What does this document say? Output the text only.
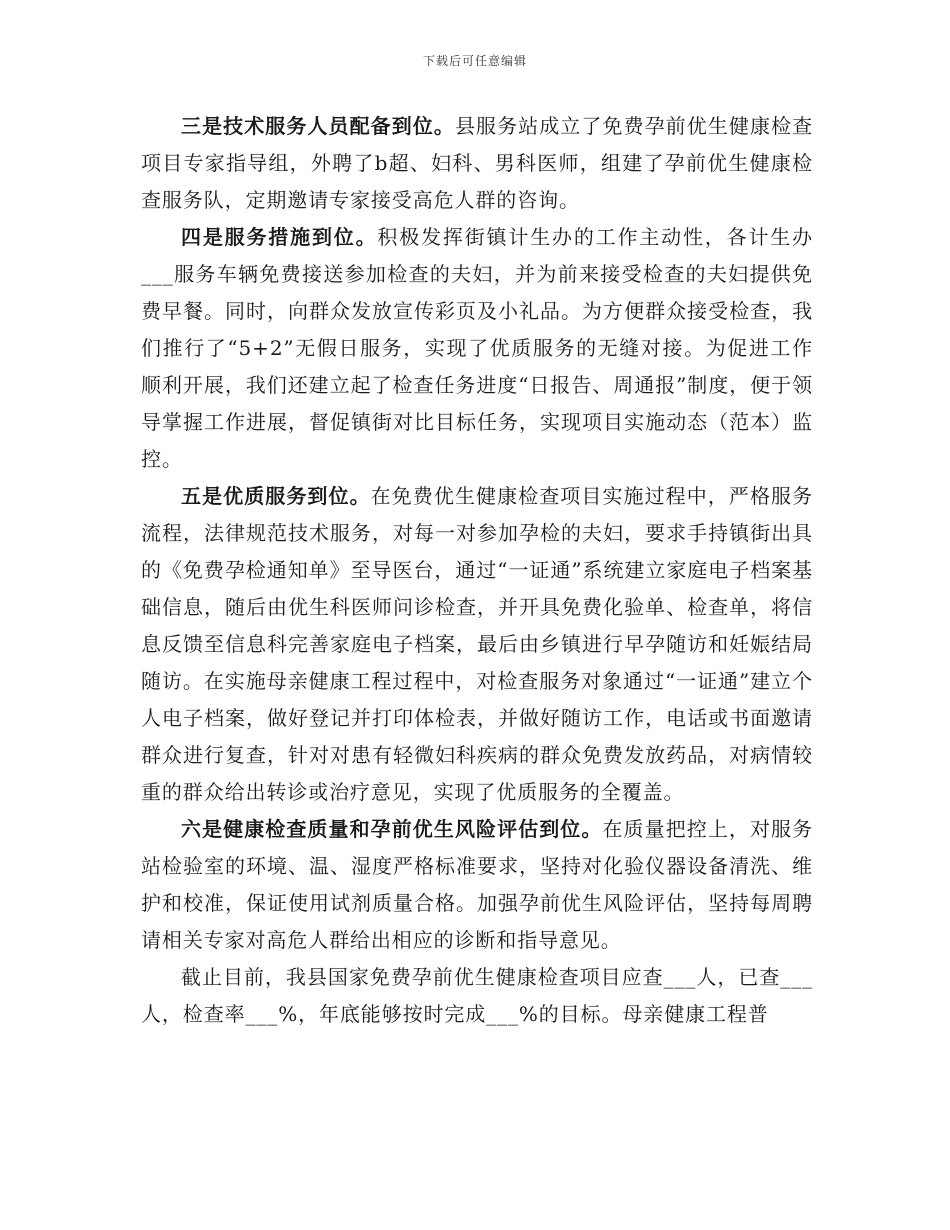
下载后可任意编辑

三是技术服务人员配备到位。县服务站成立了免费孕前优生健康检查项目专家指导组，外聘了b超、妇科、男科医师，组建了孕前优生健康检查服务队，定期邀请专家接受高危人群的咨询。

四是服务措施到位。积极发挥街镇计生办的工作主动性，各计生办___服务车辆免费接送参加检查的夫妇，并为前来接受检查的夫妇提供免费早餐。同时，向群众发放宣传彩页及小礼品。为方便群众接受检查，我们推行了“5+2”无假日服务，实现了优质服务的无缝对接。为促进工作顺利开展，我们还建立起了检查任务进度“日报告、周通报”制度，便于领导掌握工作进展，督促镇街对比目标任务，实现项目实施动态（范本）监控。

五是优质服务到位。在免费优生健康检查项目实施过程中，严格服务流程，法律规范技术服务，对每一对参加孕检的夫妇，要求手持镇街出具的《免费孕检通知单》至导医台，通过“一证通”系统建立家庭电子档案基础信息，随后由优生科医师问诊检查，并开具免费化验单、检查单，将信息反馈至信息科完善家庭电子档案，最后由乡镇进行早孕随访和妊娠结局随访。在实施母亲健康工程过程中，对检查服务对象通过“一证通”建立个人电子档案，做好登记并打印体检表，并做好随访工作，电话或书面邀请群众进行复查，针对对患有轻微妇科疾病的群众免费发放药品，对病情较重的群众给出转诊或治疗意见，实现了优质服务的全覆盖。

六是健康检查质量和孕前优生风险评估到位。在质量把控上，对服务站检验室的环境、温、湿度严格标准要求，坚持对化验仪器设备清洗、维护和校准，保证使用试剂质量合格。加强孕前优生风险评估，坚持每周聘请相关专家对高危人群给出相应的诊断和指导意见。

截止目前，我县国家免费孕前优生健康检查项目应查___人，已查___人，检查率___%，年底能够按时完成___%的目标。母亲健康工程普
